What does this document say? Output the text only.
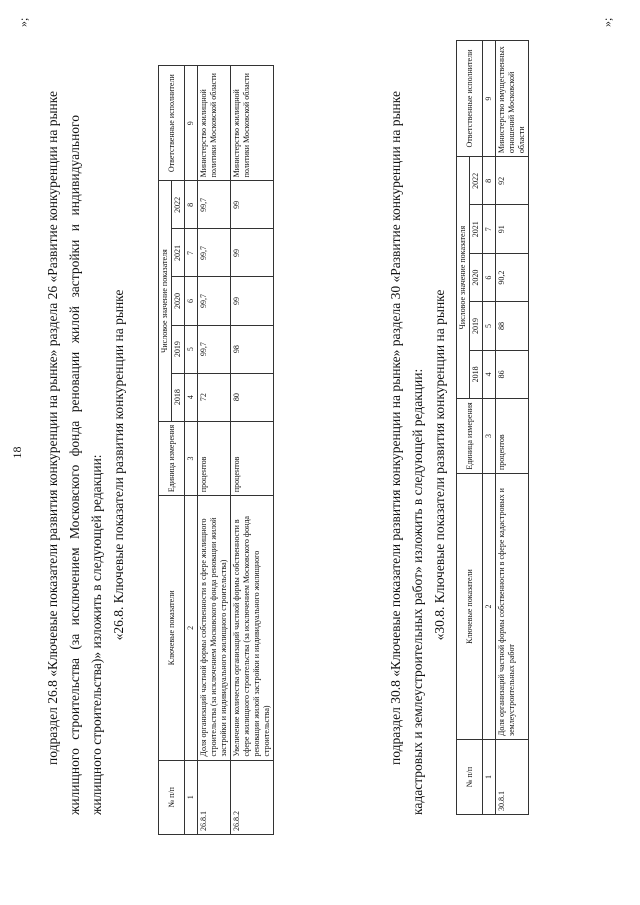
18
»;
подраздел 26.8 «Ключевые показатели развития конкуренции на рынке» раздела 26 «Развитие конкуренции на рынке жилищного строительства (за исключением Московского фонда реновации жилой застройки и индивидуального жилищного строительства)» изложить в следующей редакции: «26.8. Ключевые показатели развития конкуренции на рынке
№ п/п	Ключевые показатели	Единица измерения	Числовое значение показателя					Ответственные исполнители
			2018	2019	2020	2021	2022	
1	2	3	4	5	6	7	8	9
26.8.1	Доля организаций частной формы собственности в сфере жилищного строительства (за исключением Московского фонда реновации жилой застройки и индивидуального жилищного строительства)	процентов	72	99,7	99,7	99,7	99,7	Министерство жилищной политики Московской области
26.8.2	Увеличение количества организаций частной формы собственности в сфере жилищного строительства (за исключением Московского фонда реновации жилой застройки и индивидуального жилищного строительства)	процентов	80	98	99	99	99	Министерство жилищной политики Московской области	подраздел 30.8 «Ключевые показатели развития конкуренции на рынке» раздела 30 «Развитие конкуренции на рынке кадастровых и землеустроительных работ» изложить в следующей редакции: «30.8. Ключевые показатели развития конкуренции на рынке
№ п/п	Ключевые показатели	Единица измерения	Числовое значение показателя					Ответственные исполнители
			2018	2019	2020	2021	2022	
1	2	3	4	5	6	7	8	9
30.8.1	Доля организаций частной формы собственности в сфере кадастровых и землеустроительных работ	процентов	86	88	90,2	91	92	Министерство имущественных отношений Московской области
»;
